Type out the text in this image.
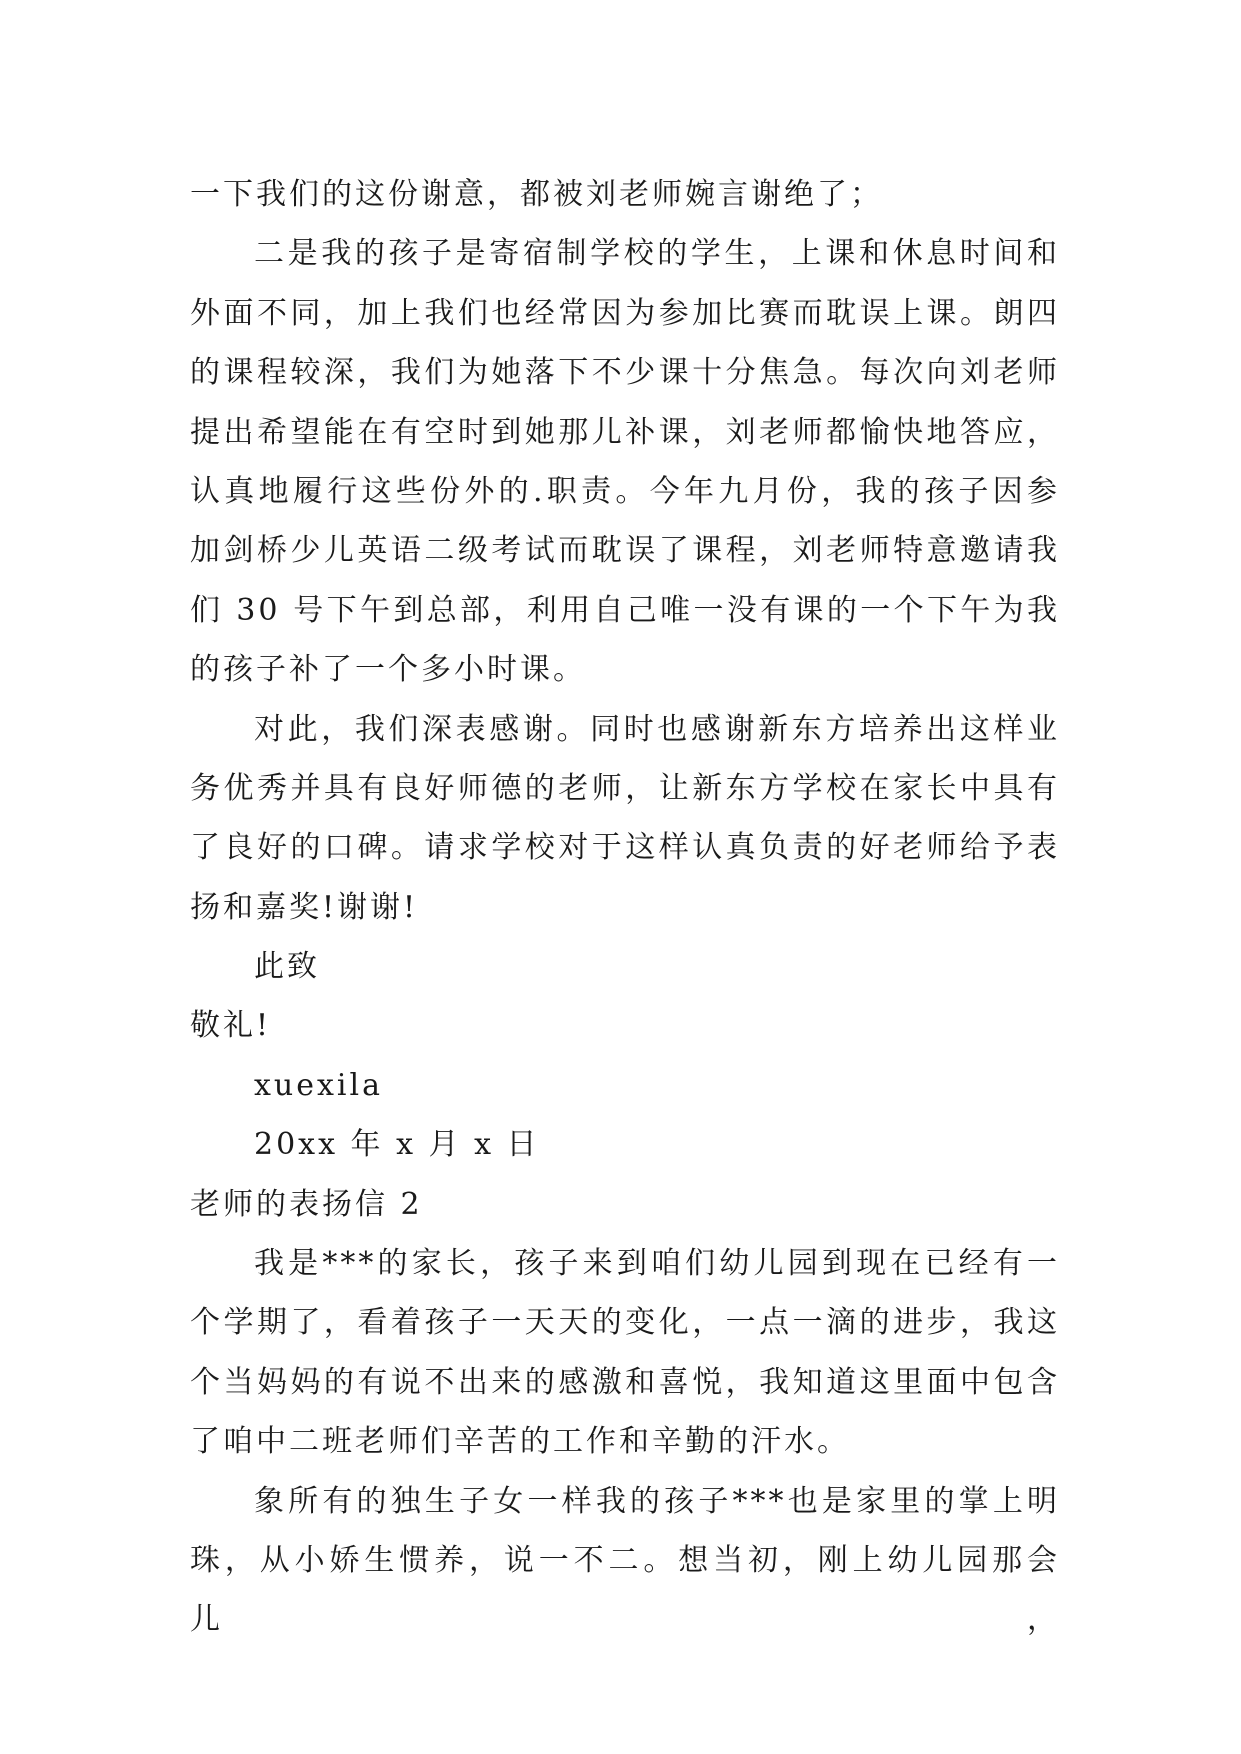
一下我们的这份谢意，都被刘老师婉言谢绝了；
二是我的孩子是寄宿制学校的学生，上课和休息时间和
外面不同，加上我们也经常因为参加比赛而耽误上课。朗四
的课程较深，我们为她落下不少课十分焦急。每次向刘老师
提出希望能在有空时到她那儿补课，刘老师都愉快地答应，
认真地履行这些份外的.职责。今年九月份，我的孩子因参
加剑桥少儿英语二级考试而耽误了课程，刘老师特意邀请我
们 30 号下午到总部，利用自己唯一没有课的一个下午为我
的孩子补了一个多小时课。
对此，我们深表感谢。同时也感谢新东方培养出这样业
务优秀并具有良好师德的老师，让新东方学校在家长中具有
了良好的口碑。请求学校对于这样认真负责的好老师给予表
扬和嘉奖!谢谢!
此致
敬礼!
xuexila
20xx 年 x 月 x 日
老师的表扬信 2
我是***的家长，孩子来到咱们幼儿园到现在已经有一
个学期了，看着孩子一天天的变化，一点一滴的进步，我这
个当妈妈的有说不出来的感激和喜悦，我知道这里面中包含
了咱中二班老师们辛苦的工作和辛勤的汗水。
象所有的独生子女一样我的孩子***也是家里的掌上明
珠，从小娇生惯养，说一不二。想当初，刚上幼儿园那会儿，
